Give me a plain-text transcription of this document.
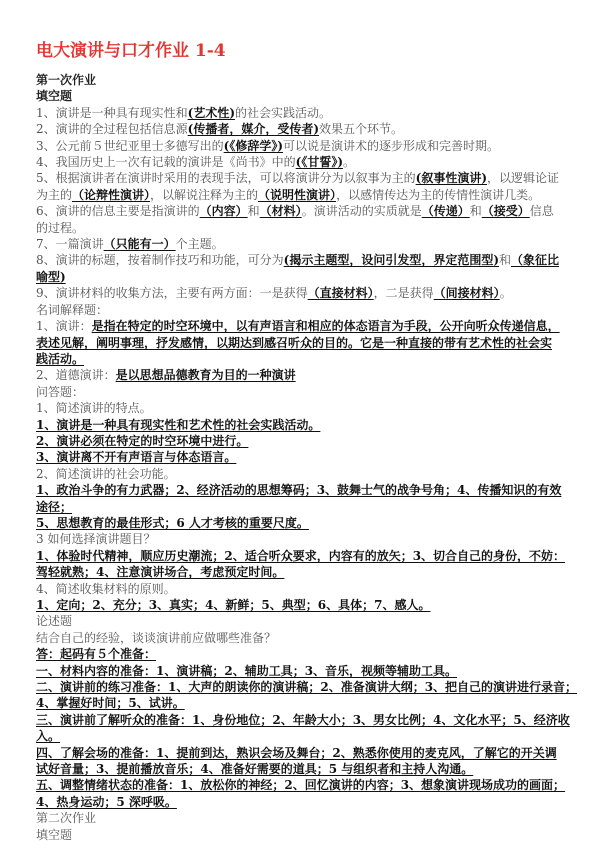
电大演讲与口才作业 1-4
第一次作业
填空题
1、演讲是一种具有现实性和(艺术性)的社会实践活动。
2、演讲的全过程包括信息源(传播者，媒介，受传者)效果五个环节。
3、公元前５世纪亚里士多德写出的(《修辞学》)可以说是演讲术的逐步形成和完善时期。
4、我国历史上一次有记载的演讲是《尚书》中的(《甘誓》)。
5、根据演讲者在演讲时采用的表现手法，可以将演讲分为以叙事为主的(叙事性演讲)，以逻辑论证
为主的（论辩性演讲），以解说注释为主的（说明性演讲），以感情传达为主的传情性演讲几类。
6、演讲的信息主要是指演讲的（内容）和（材料）。演讲活动的实质就是（传递）和（接受）信息
的过程。
7、一篇演讲（只能有一）个主题。
8、演讲的标题，按着制作技巧和功能，可分为(揭示主题型，设问引发型，界定范围型)和（象征比
喻型)
9、演讲材料的收集方法，主要有两方面：一是获得（直接材料），二是获得（间接材料）。
名词解释题：
1、演讲：是指在特定的时空环境中，以有声语言和相应的体态语言为手段，公开向听众传递信息，
表述见解，阐明事理，抒发感情，以期达到感召听众的目的。它是一种直接的带有艺术性的社会实
践活动。
2、道德演讲：是以思想品德教育为目的一种演讲
问答题：
1、简述演讲的特点。
1、演讲是一种具有现实性和艺术性的社会实践活动。
2、演讲必须在特定的时空环境中进行。
3、演讲离不开有声语言与体态语言。
2、简述演讲的社会功能。
1、政治斗争的有力武器；2、经济活动的思想筹码；3、鼓舞士气的战争号角；4、传播知识的有效
途径；
5、思想教育的最佳形式；6 人才考核的重要尺度。
3 如何选择演讲题目？
1、体验时代精神，顺应历史潮流；2、适合听众要求，内容有的放矢；3、切合自己的身份，不妨：
驾轻就熟；4、注意演讲场合，考虑预定时间。
4、简述收集材料的原则。
1、定向；2、充分；3、真实；4、新鲜；5、典型；6、具体；7、感人。
论述题
结合自己的经验，谈谈演讲前应做哪些准备？
答：起码有５个准备：
一、材料内容的准备：1、演讲稿；2、辅助工具；3、音乐，视频等辅助工具。
二、演讲前的练习准备：1、大声的朗读你的演讲稿；2、准备演讲大纲；3、把自己的演讲进行录音；
4、掌握好时间；5、试讲。
三、演讲前了解听众的准备：1、身份地位；2、年龄大小；3、男女比例；4、文化水平；5、经济收
入。
四、了解会场的准备：1、提前到达，熟识会场及舞台；2、熟悉你使用的麦克风，了解它的开关调
试好音量；3、提前播放音乐；4、准备好需要的道具；5 与组织者和主持人沟通。
五、调整情绪状态的准备：1、放松你的神经；2、回忆演讲的内容；3、想象演讲现场成功的画面；
4、热身运动；5 深呼吸。
第二次作业
填空题
